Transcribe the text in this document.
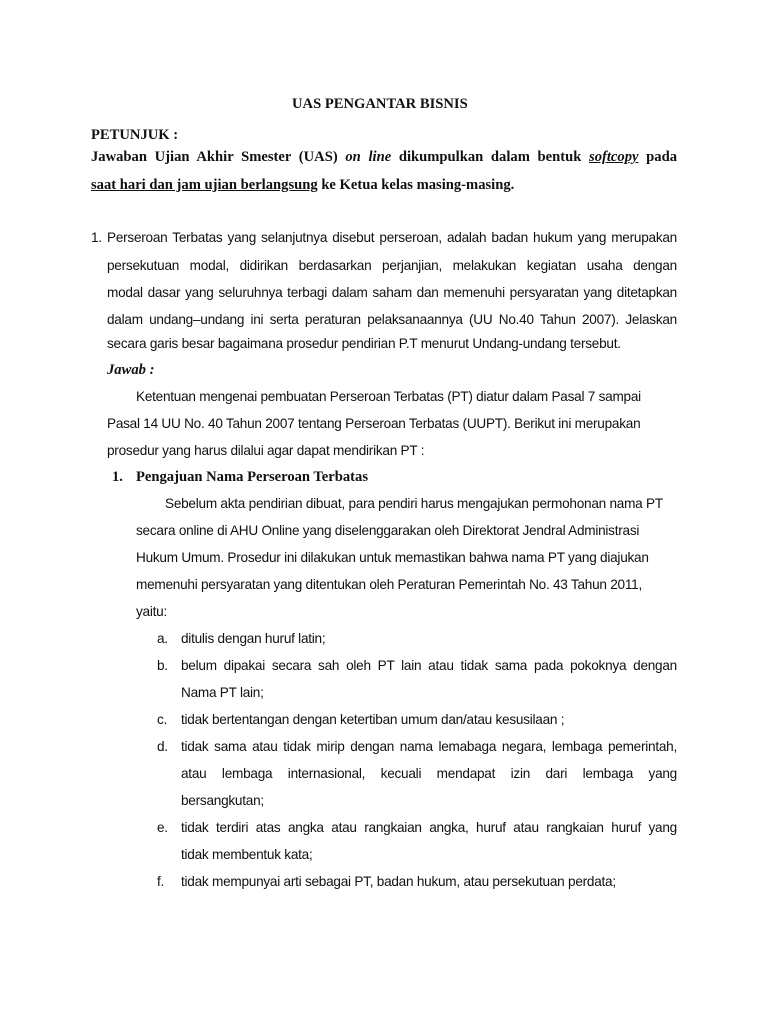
UAS PENGANTAR BISNIS
PETUNJUK :
Jawaban Ujian Akhir Smester (UAS) on line dikumpulkan dalam bentuk softcopy pada
saat hari dan jam ujian berlangsung ke Ketua kelas masing-masing.
1. Perseroan Terbatas yang selanjutnya disebut perseroan, adalah badan hukum yang merupakan
persekutuan modal, didirikan berdasarkan perjanjian, melakukan kegiatan usaha dengan
modal dasar yang seluruhnya terbagi dalam saham dan memenuhi persyaratan yang ditetapkan
dalam undang–undang ini serta peraturan pelaksanaannya (UU No.40 Tahun 2007). Jelaskan
secara garis besar bagaimana prosedur pendirian P.T menurut Undang-undang tersebut.
Jawab :
Ketentuan mengenai pembuatan Perseroan Terbatas (PT) diatur dalam Pasal 7 sampai
Pasal 14 UU No. 40 Tahun 2007 tentang Perseroan Terbatas (UUPT). Berikut ini merupakan
prosedur yang harus dilalui agar dapat mendirikan PT :
1. Pengajuan Nama Perseroan Terbatas
Sebelum akta pendirian dibuat, para pendiri harus mengajukan permohonan nama PT
secara online di AHU Online yang diselenggarakan oleh Direktorat Jendral Administrasi
Hukum Umum. Prosedur ini dilakukan untuk memastikan bahwa nama PT yang diajukan
memenuhi persyaratan yang ditentukan oleh Peraturan Pemerintah No. 43 Tahun 2011,
yaitu:
a. ditulis dengan huruf latin;
b. belum dipakai secara sah oleh PT lain atau tidak sama pada pokoknya dengan
Nama PT lain;
c. tidak bertentangan dengan ketertiban umum dan/atau kesusilaan ;
d. tidak sama atau tidak mirip dengan nama lemabaga negara, lembaga pemerintah,
atau lembaga internasional, kecuali mendapat izin dari lembaga yang
bersangkutan;
e. tidak terdiri atas angka atau rangkaian angka, huruf atau rangkaian huruf yang
tidak membentuk kata;
f. tidak mempunyai arti sebagai PT, badan hukum, atau persekutuan perdata;
